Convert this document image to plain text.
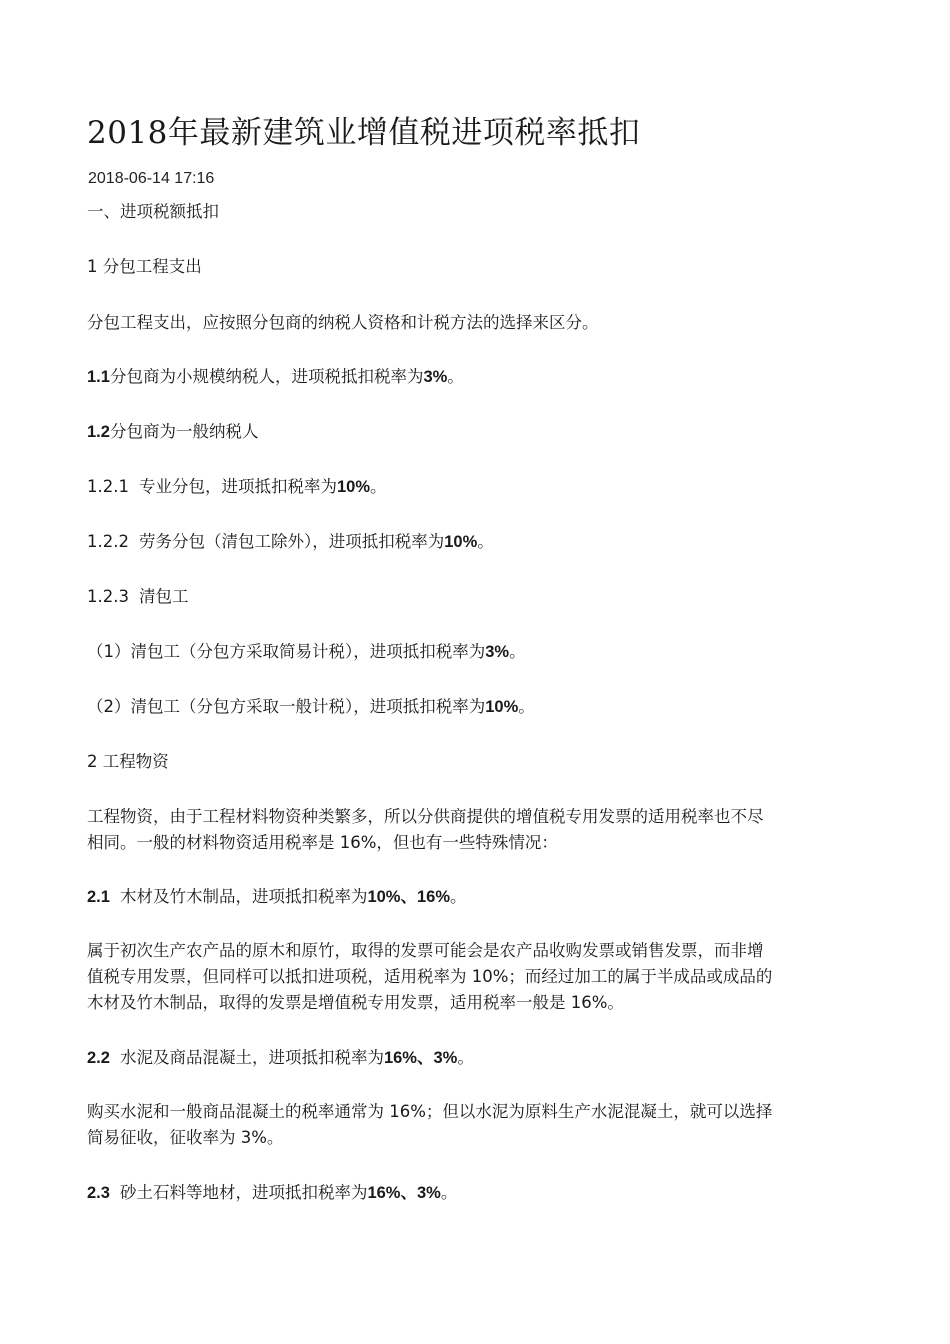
2018年最新建筑业增值税进项税率抵扣
2018-06-14 17:16

一、进项税额抵扣

1 分包工程支出

分包工程支出，应按照分包商的纳税人资格和计税方法的选择来区分。

1.1分包商为小规模纳税人，进项税抵扣税率为3%。

1.2分包商为一般纳税人

1.2.1 专业分包，进项抵扣税率为10%。

1.2.2 劳务分包（清包工除外），进项抵扣税率为10%。

1.2.3 清包工

（1）清包工（分包方采取简易计税），进项抵扣税率为3%。

（2）清包工（分包方采取一般计税），进项抵扣税率为10%。

2 工程物资

工程物资，由于工程材料物资种类繁多，所以分供商提供的增值税专用发票的适用税率也不尽

相同。一般的材料物资适用税率是 16%，但也有一些特殊情况：

2.1 木材及竹木制品，进项抵扣税率为10%、16%。

属于初次生产农产品的原木和原竹，取得的发票可能会是农产品收购发票或销售发票，而非增

值税专用发票，但同样可以抵扣进项税，适用税率为 10%；而经过加工的属于半成品或成品的

木材及竹木制品，取得的发票是增值税专用发票，适用税率一般是 16%。

2.2 水泥及商品混凝土，进项抵扣税率为16%、3%。

购买水泥和一般商品混凝土的税率通常为 16%；但以水泥为原料生产水泥混凝土，就可以选择

简易征收，征收率为 3%。

2.3 砂土石料等地材，进项抵扣税率为16%、3%。
